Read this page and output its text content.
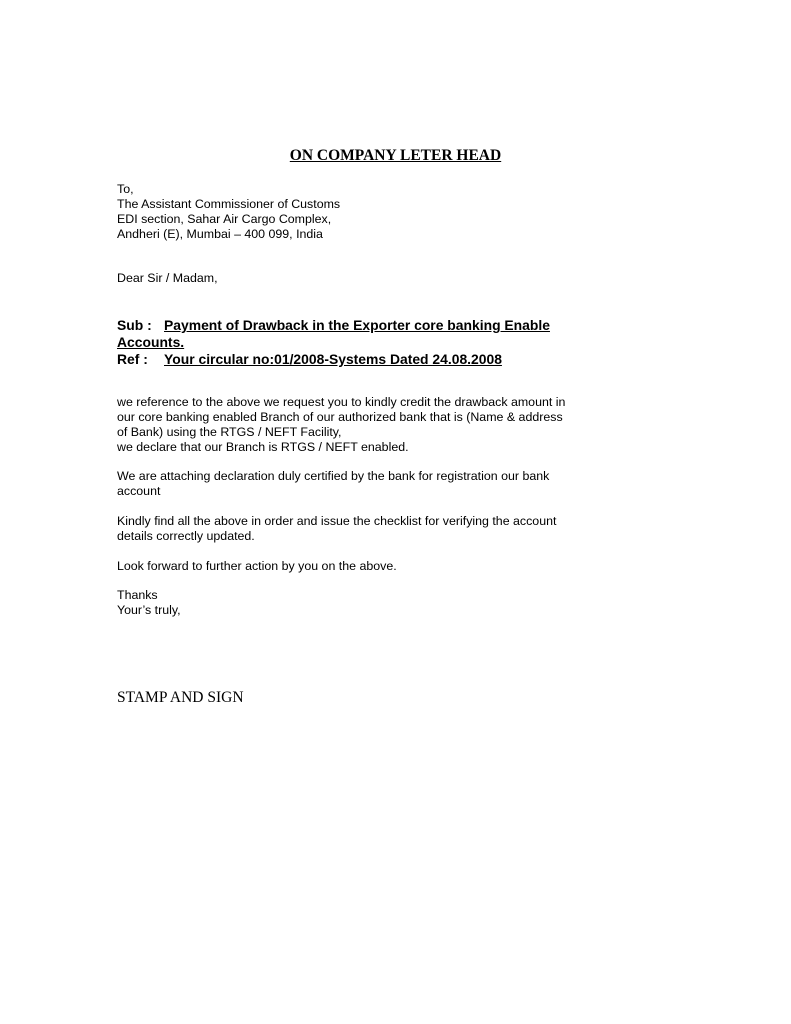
ON COMPANY LETER HEAD
To,
The Assistant Commissioner of Customs
EDI section, Sahar Air Cargo Complex,
Andheri (E), Mumbai – 400 099, India
Dear Sir / Madam,
Sub : Payment of Drawback in the Exporter core banking Enable
Accounts.
Ref : Your circular no:01/2008-Systems Dated 24.08.2008
we reference to the above we request you to kindly credit the drawback amount in
our core banking enabled Branch of our authorized bank that is (Name & address
of Bank) using the RTGS / NEFT Facility,
we declare that our Branch is RTGS / NEFT enabled.
We are attaching declaration duly certified by the bank for registration our bank
account
Kindly find all the above in order and issue the checklist for verifying the account
details correctly updated.
Look forward to further action by you on the above.
Thanks
Your’s truly,
STAMP AND SIGN
